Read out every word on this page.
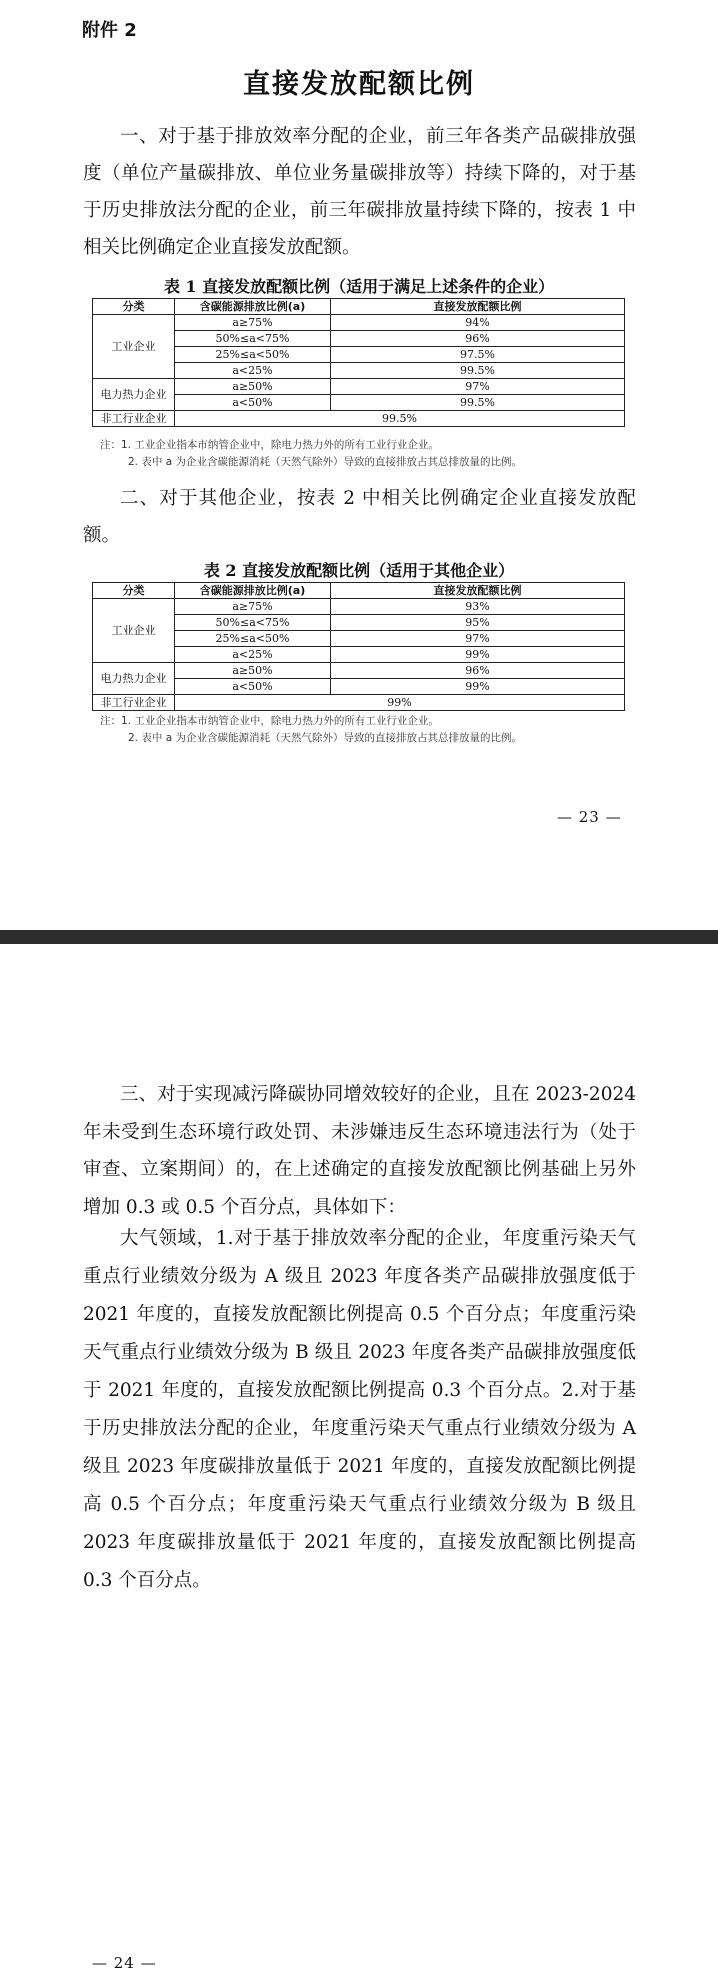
附件 2
直接发放配额比例

一、对于基于排放效率分配的企业，前三年各类产品碳排放强度（单位产量碳排放、单位业务量碳排放等）持续下降的，对于基于历史排放法分配的企业，前三年碳排放量持续下降的，按表 1 中相关比例确定企业直接发放配额。

表 1 直接发放配额比例（适用于满足上述条件的企业）
分类	含碳能源排放比例(a)	直接发放配额比例
工业企业	a≥75%	94%
	50%≤a<75%	96%
	25%≤a<50%	97.5%
	a<25%	99.5%
电力热力企业	a≥50%	97%
	a<50%	99.5%
非工行业企业	99.5%	
注：1. 工业企业指本市纳管企业中，除电力热力外的所有工业行业企业。
2. 表中 a 为企业含碳能源消耗（天然气除外）导致的直接排放占其总排放量的比例。

二、对于其他企业，按表 2 中相关比例确定企业直接发放配额。

表 2 直接发放配额比例（适用于其他企业）
分类	含碳能源排放比例(a)	直接发放配额比例
工业企业	a≥75%	93%
	50%≤a<75%	95%
	25%≤a<50%	97%
	a<25%	99%
电力热力企业	a≥50%	96%
	a<50%	99%
非工行业企业	99%	
注：1. 工业企业指本市纳管企业中，除电力热力外的所有工业行业企业。
2. 表中 a 为企业含碳能源消耗（天然气除外）导致的直接排放占其总排放量的比例。
— 23 —

三、对于实现减污降碳协同增效较好的企业，且在 2023-2024 年未受到生态环境行政处罚、未涉嫌违反生态环境违法行为（处于审查、立案期间）的，在上述确定的直接发放配额比例基础上另外增加 0.3 或 0.5 个百分点，具体如下：

大气领域，1.对于基于排放效率分配的企业，年度重污染天气重点行业绩效分级为 A 级且 2023 年度各类产品碳排放强度低于 2021 年度的，直接发放配额比例提高 0.5 个百分点；年度重污染天气重点行业绩效分级为 B 级且 2023 年度各类产品碳排放强度低于 2021 年度的，直接发放配额比例提高 0.3 个百分点。2.对于基于历史排放法分配的企业，年度重污染天气重点行业绩效分级为 A 级且 2023 年度碳排放量低于 2021 年度的，直接发放配额比例提高 0.5 个百分点；年度重污染天气重点行业绩效分级为 B 级且 2023 年度碳排放量低于 2021 年度的，直接发放配额比例提高 0.3 个百分点。

— 24 —
